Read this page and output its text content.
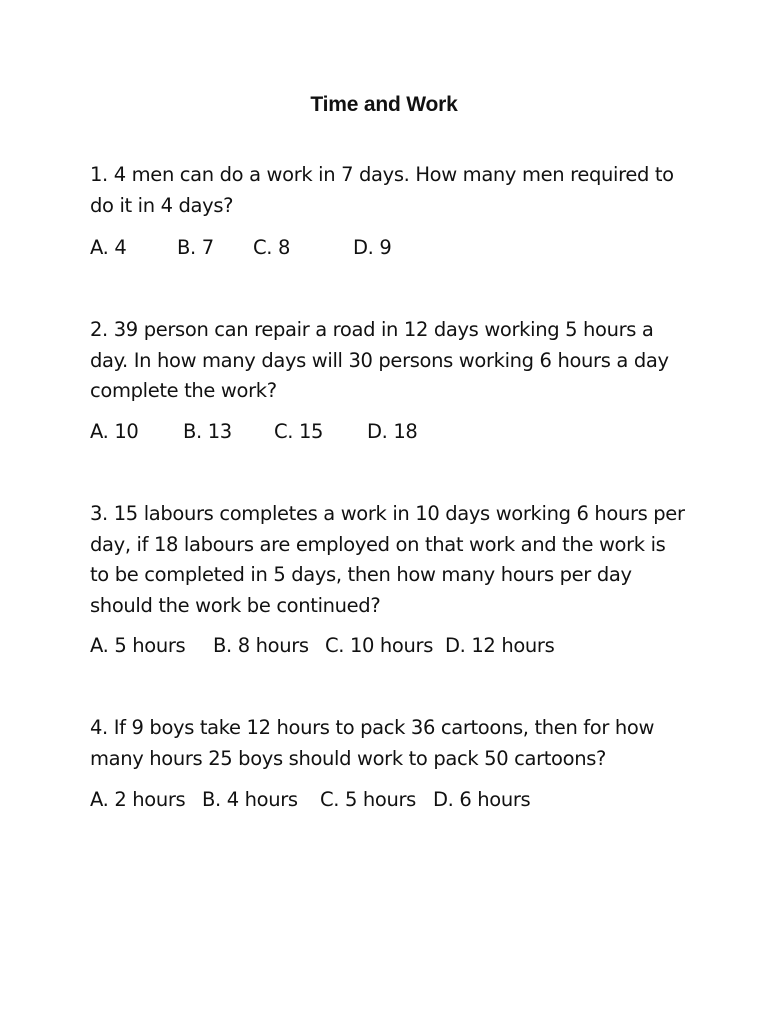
Time and Work
1. 4 men can do a work in 7 days. How many men required to do it in 4 days?
A. 4	B. 7 C. 8	D. 9
2. 39 person can repair a road in 12 days working 5 hours a day. In how many days will 30 persons working 6 hours a day complete the work?
A. 10 B. 13 C. 15 D. 18
3. 15 labours completes a work in 10 days working 6 hours per day, if 18 labours are employed on that work and the work is to be completed in 5 days, then how many hours per day should the work be continued?
A. 5 hours B. 8 hours C. 10 hours D. 12 hours
4. If 9 boys take 12 hours to pack 36 cartoons, then for how many hours 25 boys should work to pack 50 cartoons?
A. 2 hours B. 4 hours C. 5 hours D. 6 hours
